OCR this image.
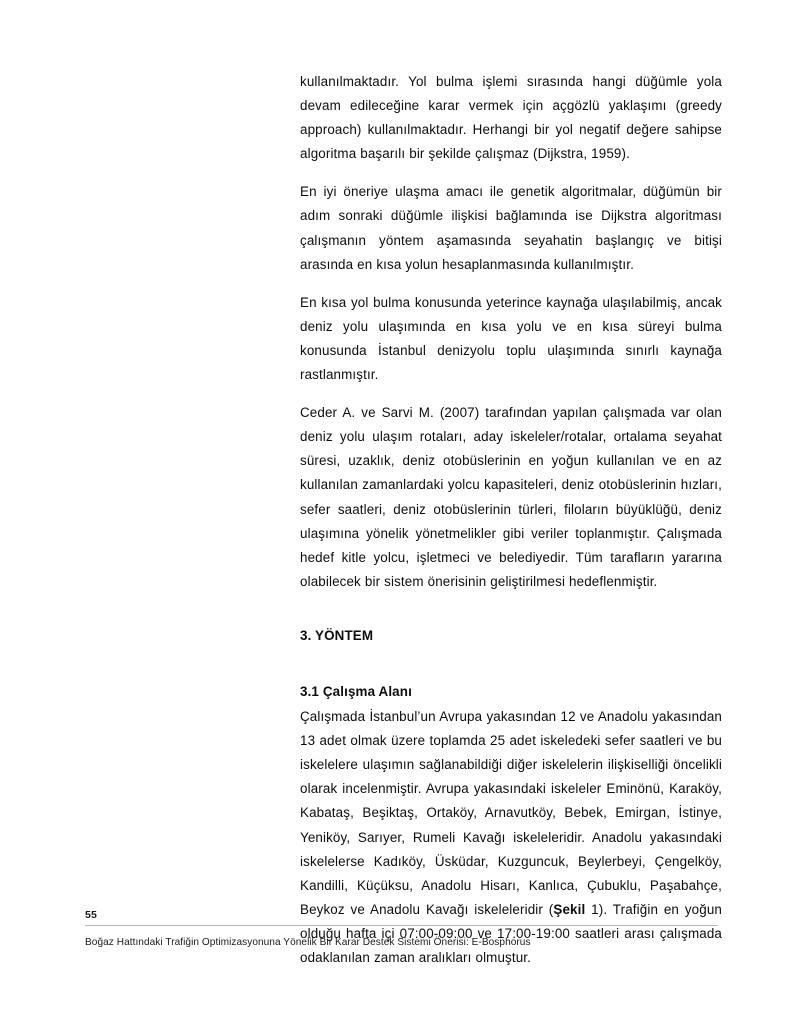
kullanılmaktadır. Yol bulma işlemi sırasında hangi düğümle yola devam edileceğine karar vermek için açgözlü yaklaşımı (greedy approach) kullanılmaktadır. Herhangi bir yol negatif değere sahipse algoritma başarılı bir şekilde çalışmaz (Dijkstra, 1959).

En iyi öneriye ulaşma amacı ile genetik algoritmalar, düğümün bir adım sonraki düğümle ilişkisi bağlamında ise Dijkstra algoritması çalışmanın yöntem aşamasında seyahatin başlangıç ve bitişi arasında en kısa yolun hesaplanmasında kullanılmıştır.

En kısa yol bulma konusunda yeterince kaynağa ulaşılabilmiş, ancak deniz yolu ulaşımında en kısa yolu ve en kısa süreyi bulma konusunda İstanbul denizyolu toplu ulaşımında sınırlı kaynağa rastlanmıştır.

Ceder A. ve Sarvi M. (2007) tarafından yapılan çalışmada var olan deniz yolu ulaşım rotaları, aday iskeleler/rotalar, ortalama seyahat süresi, uzaklık, deniz otobüslerinin en yoğun kullanılan ve en az kullanılan zamanlardaki yolcu kapasiteleri, deniz otobüslerinin hızları, sefer saatleri, deniz otobüslerinin türleri, filoların büyüklüğü, deniz ulaşımına yönelik yönetmelikler gibi veriler toplanmıştır. Çalışmada hedef kitle yolcu, işletmeci ve belediyedir. Tüm tarafların yararına olabilecek bir sistem önerisinin geliştirilmesi hedeflenmiştir.

3. YÖNTEM
3.1 Çalışma Alanı

Çalışmada İstanbul’un Avrupa yakasından 12 ve Anadolu yakasından 13 adet olmak üzere toplamda 25 adet iskeledeki sefer saatleri ve bu iskelelere ulaşımın sağlanabildiği diğer iskelelerin ilişkiselliği öncelikli olarak incelenmiştir. Avrupa yakasındaki iskeleler Eminönü, Karaköy, Kabataş, Beşiktaş, Ortaköy, Arnavutköy, Bebek, Emirgan, İstinye, Yeniköy, Sarıyer, Rumeli Kavağı iskeleleridir. Anadolu yakasındaki iskelelerse Kadıköy, Üsküdar, Kuzguncuk, Beylerbeyi, Çengelköy, Kandilli, Küçüksu, Anadolu Hisarı, Kanlıca, Çubuklu, Paşabahçe, Beykoz ve Anadolu Kavağı iskeleleridir (Şekil 1). Trafiğin en yoğun olduğu hafta içi 07:00-09:00 ve 17:00-19:00 saatleri arası çalışmada odaklanılan zaman aralıkları olmuştur.

55
Boğaz Hattındaki Trafiğin Optimizasyonuna Yönelik Bir Karar Destek Sistemi Önerisi: E-Bosphorus
